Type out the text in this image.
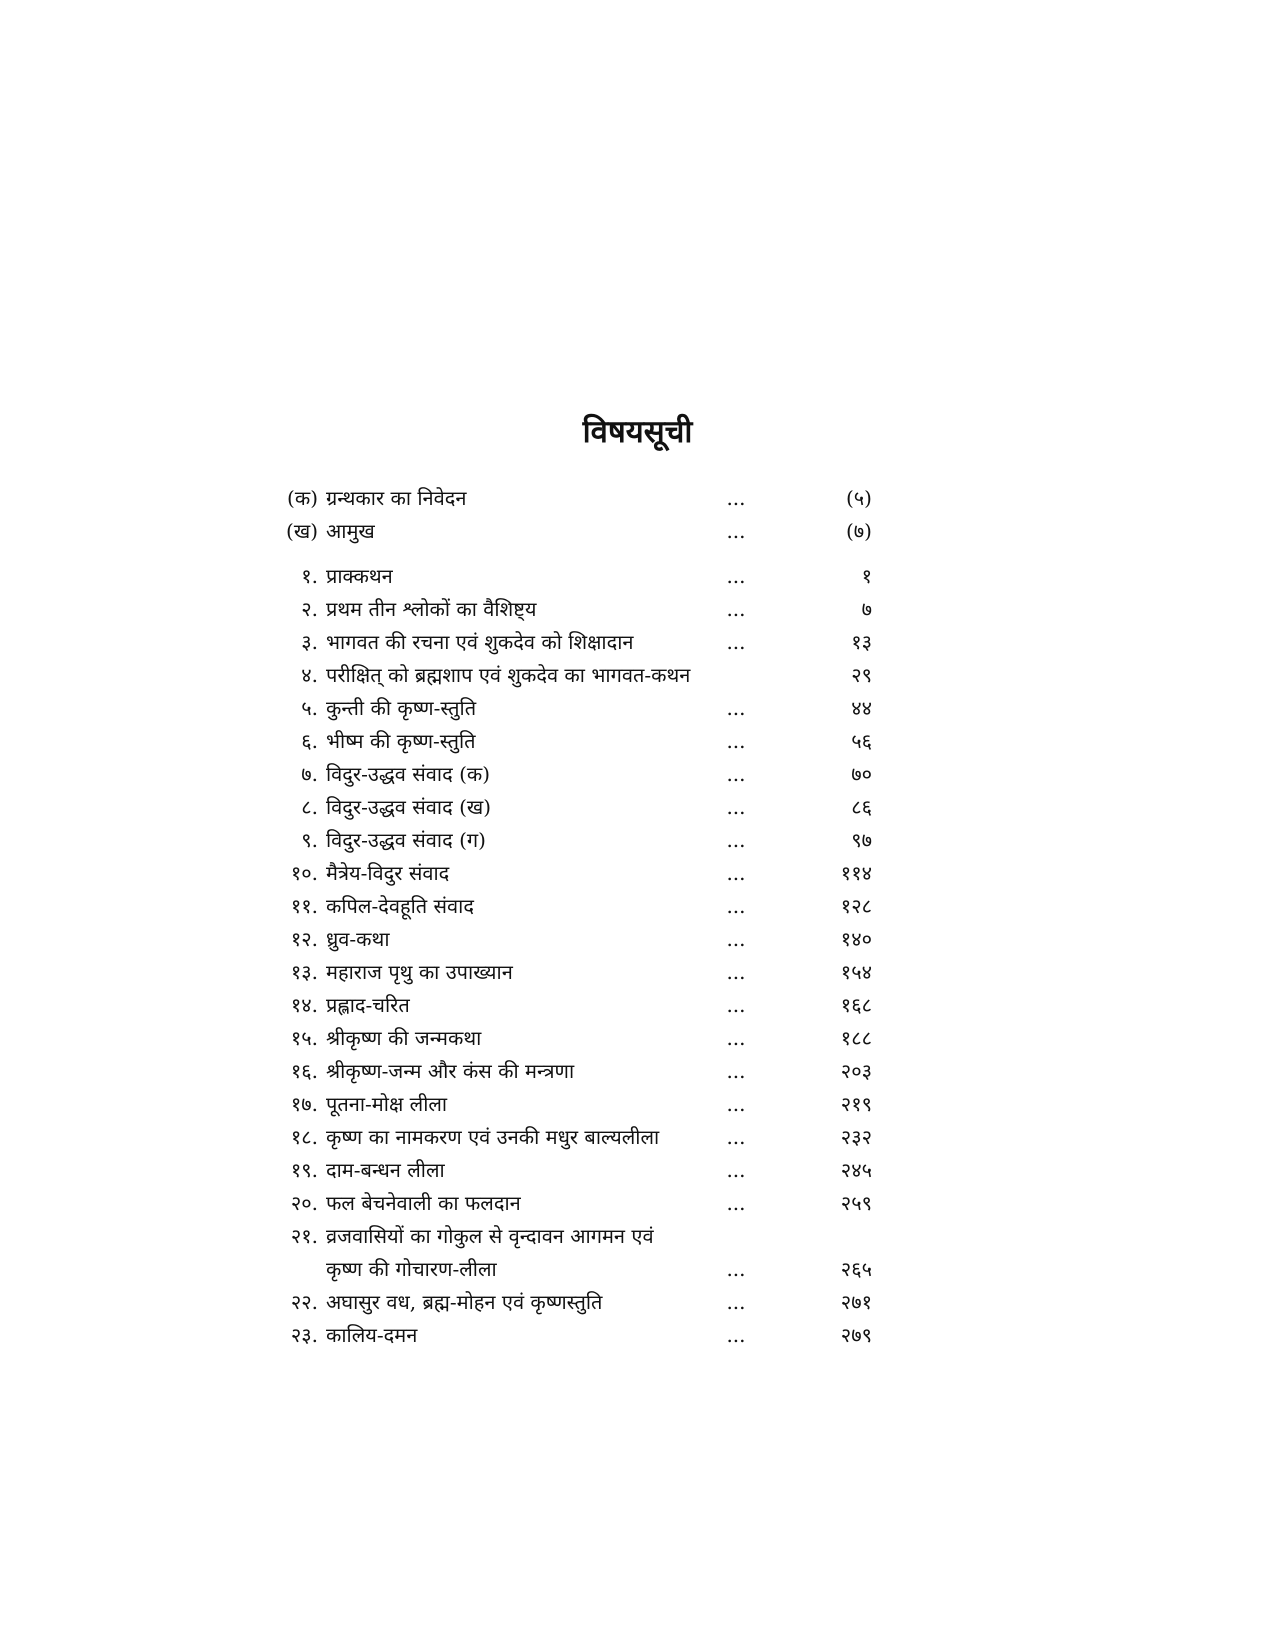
विषयसूची
(क) ग्रन्थकार का निवेदन	...	(५)
(ख) आमुख	...	(७)
१. प्राक्कथन	...	१
२. प्रथम तीन श्लोकों का वैशिष्ट्य	...	७
३. भागवत की रचना एवं शुकदेव को शिक्षादान	...	१३
४. परीक्षित् को ब्रह्मशाप एवं शुकदेव का भागवत-कथन	२९
५. कुन्ती की कृष्ण-स्तुति	...	४४
६. भीष्म की कृष्ण-स्तुति	...	५६
७. विदुर-उद्धव संवाद (क)	...	७०
८. विदुर-उद्धव संवाद (ख)	...	८६
९. विदुर-उद्धव संवाद (ग)	...	९७
१०. मैत्रेय-विदुर संवाद	...	११४
११. कपिल-देवहूति संवाद	...	१२८
१२. ध्रुव-कथा	...	१४०
१३. महाराज पृथु का उपाख्यान	...	१५४
१४. प्रह्लाद-चरित	...	१६८
१५. श्रीकृष्ण की जन्मकथा	...	१८८
१६. श्रीकृष्ण-जन्म और कंस की मन्त्रणा	...	२०३
१७. पूतना-मोक्ष लीला	...	२१९
१८. कृष्ण का नामकरण एवं उनकी मधुर बाल्यलीला	...	२३२
१९. दाम-बन्धन लीला	...	२४५
२०. फल बेचनेवाली का फलदान	...	२५९
२१. व्रजवासियों का गोकुल से वृन्दावन आगमन एवं
कृष्ण की गोचारण-लीला	...	२६५
२२. अघासुर वध, ब्रह्म-मोहन एवं कृष्णस्तुति	...	२७१
२३. कालिय-दमन	...	२७९
